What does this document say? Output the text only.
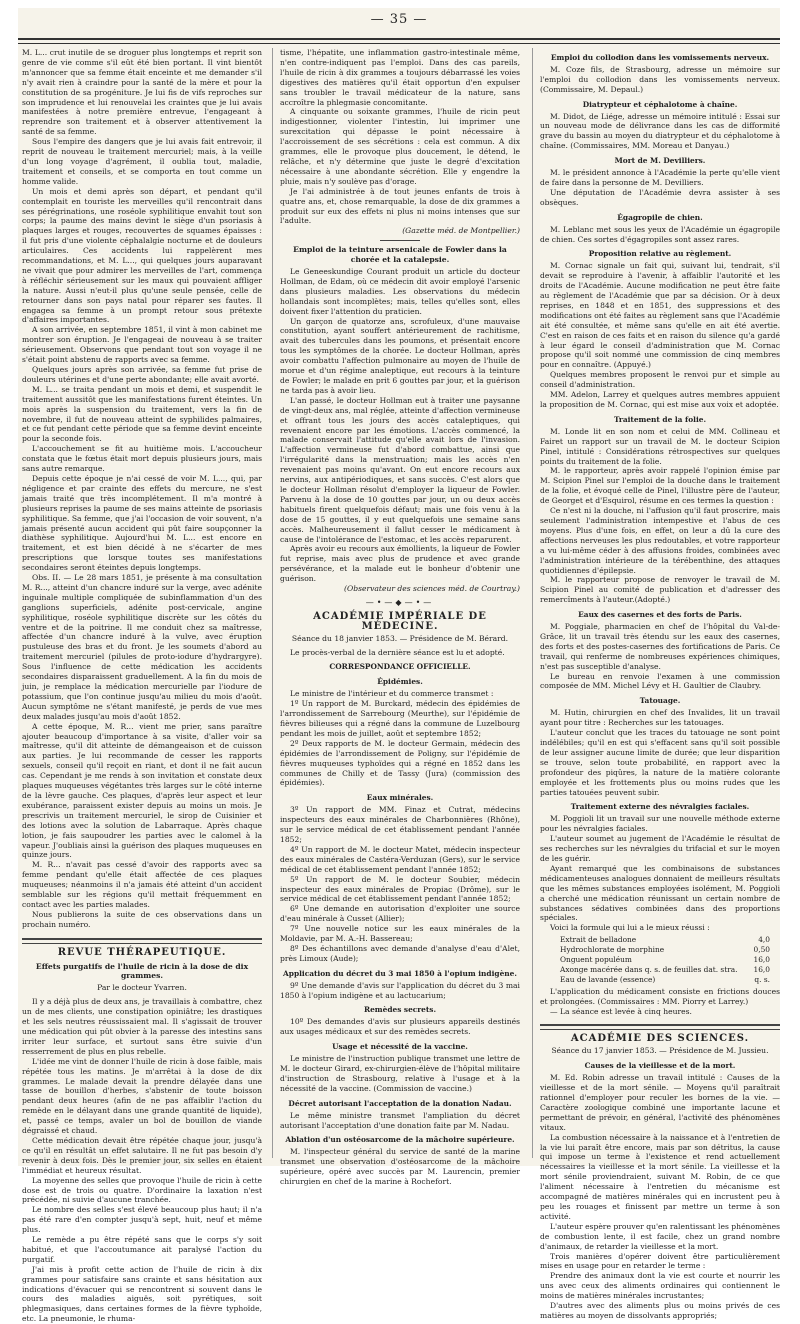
— 35 —

M. L... crut inutile de se droguer plus longtemps et reprit son genre de vie comme s'il eût été bien portant. Il vint bientôt m'annoncer que sa femme était enceinte et me demander s'il n'y avait rien à craindre pour la santé de la mère et pour la constitution de sa progéniture. Je lui fis de vifs reproches sur son imprudence et lui renouvelai les craintes que je lui avais manifestées à notre première entrevue, l'engageant à reprendre son traitement et à observer attentivement la santé de sa femme.

Sous l'empire des dangers que je lui avais fait entrevoir, il reprit de nouveau le traitement mercuriel; mais, à la veille d'un long voyage d'agrément, il oublia tout, maladie, traitement et conseils, et se comporta en tout comme un homme valide.

Un mois et demi après son départ, et pendant qu'il contemplait en touriste les merveilles qu'il rencontrait dans ses pérégrinations, une roséole syphilitique envahit tout son corps; la paume des mains devint le siège d'un psoriasis à plaques larges et rouges, recouvertes de squames épaisses : il fut pris d'une violente céphalalgie nocturne et de douleurs articulaires. Ces accidents lui rappelèrent mes recommandations, et M. L..., qui quelques jours auparavant ne vivait que pour admirer les merveilles de l'art, commença à réfléchir sérieusement sur les maux qui pouvaient affliger la nature. Aussi n'eut-il plus qu'une seule pensée, celle de retourner dans son pays natal pour réparer ses fautes. Il engagea sa femme à un prompt retour sous prétexte d'affaires importantes.

A son arrivée, en septembre 1851, il vint à mon cabinet me montrer son éruption. Je l'engageai de nouveau à se traiter sérieusement. Observons que pendant tout son voyage il ne s'était point abstenu de rapports avec sa femme.

Quelques jours après son arrivée, sa femme fut prise de douleurs utérines et d'une perte abondante; elle avait avorté.

M. L... se traita pendant un mois et demi, et suspendit le traitement aussitôt que les manifestations furent éteintes. Un mois après la suspension du traitement, vers la fin de novembre, il fut de nouveau atteint de syphilides palmaires, et ce fut pendant cette période que sa femme devint enceinte pour la seconde fois.

L'accouchement se fit au huitième mois. L'accoucheur constata que le fœtus était mort depuis plusieurs jours, mais sans autre remarque.

Depuis cette époque je n'ai cessé de voir M. L..., qui, par négligence et par crainte des effets du mercure, ne s'est jamais traité que très incomplétement. Il m'a montré à plusieurs reprises la paume de ses mains atteinte de psoriasis syphilitique. Sa femme, que j'ai l'occasion de voir souvent, n'a jamais présenté aucun accident qui pût faire soupçonner la diathèse syphilitique. Aujourd'hui M. L... est encore en traitement, et est bien décidé à ne s'écarter de mes prescriptions que lorsque toutes ses manifestations secondaires seront éteintes depuis longtemps.

Obs. II. — Le 28 mars 1851, je présente à ma consultation M. R..., atteint d'un chancre induré sur la verge, avec adénite inguinale multiple compliquée de subinflammation d'un des ganglions superficiels, adénite post-cervicale, angine syphilitique, roséole syphilitique discrète sur les côtés du ventre et de la poitrine. Il me conduit chez sa maîtresse, affectée d'un chancre induré à la vulve, avec éruption pustuleuse des bras et du front. Je les soumets d'abord au traitement mercuriel (pilules de proto-iodure d'hydrargyre). Sous l'influence de cette médication les accidents secondaires disparaissent graduellement. A la fin du mois de juin, je remplace la médication mercurielle par l'iodure de potassium, que l'on continue jusqu'au milieu du mois d'août. Aucun symptôme ne s'étant manifesté, je perds de vue mes deux malades jusqu'au mois d'août 1852.

A cette époque, M. R... vient me prier, sans paraître ajouter beaucoup d'importance à sa visite, d'aller voir sa maîtresse, qu'il dit atteinte de démangeaison et de cuisson aux parties. Je lui recommande de cesser les rapports sexuels, conseil qu'il reçoit en riant, et dont il ne fait aucun cas. Cependant je me rends à son invitation et constate deux plaques muqueuses végétantes très larges sur le côté interne de la lèvre gauche. Ces plaques, d'après leur aspect et leur exubérance, paraissent exister depuis au moins un mois. Je prescrivis un traitement mercuriel, le sirop de Cuisinier et des lotions avec la solution de Labarraque. Après chaque lotion, je fais saupoudrer les parties avec le calomel à la vapeur. J'oubliais ainsi la guérison des plaques muqueuses en quinze jours.

M. R... n'avait pas cessé d'avoir des rapports avec sa femme pendant qu'elle était affectée de ces plaques muqueuses; néanmoins il n'a jamais été atteint d'un accident semblable sur les régions qu'il mettait fréquemment en contact avec les parties malades.

Nous publierons la suite de ces observations dans un prochain numéro.

REVUE THÉRAPEUTIQUE.
Effets purgatifs de l'huile de ricin à la dose de dix grammes.
Par le docteur Yvarren.

Il y a déjà plus de deux ans, je travaillais à combattre, chez un de mes clients, une constipation opiniâtre; les drastiques et les sels neutres réussissaient mal. Il s'agissait de trouver une médication qui pût obvier à la paresse des intestins sans irriter leur surface, et surtout sans être suivie d'un resserrement de plus en plus rebelle.

L'idée me vint de donner l'huile de ricin à dose faible, mais répétée tous les matins. Je m'arrêtai à la dose de dix grammes. Le malade devait la prendre délayée dans une tasse de bouillon d'herbes, s'abstenir de toute boisson pendant deux heures (afin de ne pas affaiblir l'action du remède en le délayant dans une grande quantité de liquide), et, passé ce temps, avaler un bol de bouillon de viande dégraissé et chaud.

Cette médication devait être répétée chaque jour, jusqu'à ce qu'il en résultât un effet salutaire. Il ne fut pas besoin d'y revenir à deux fois. Dès le premier jour, six selles en étaient l'immédiat et heureux résultat.

La moyenne des selles que provoque l'huile de ricin à cette dose est de trois ou quatre. D'ordinaire la laxation n'est précédée, ni suivie d'aucune tranchée.

Le nombre des selles s'est élevé beaucoup plus haut; il n'a pas été rare d'en compter jusqu'à sept, huit, neuf et même plus.

Le remède a pu être répété sans que le corps s'y soit habitué, et que l'accoutumance ait paralysé l'action du purgatif.

J'ai mis à profit cette action de l'huile de ricin à dix grammes pour satisfaire sans crainte et sans hésitation aux indications d'évacuer qui se rencontrent si souvent dans le cours des maladies aiguës, soit pyrétiques, soit phlegmasiques, dans certaines formes de la fièvre typhoïde, etc. La pneumonie, le rhuma-

tisme, l'hépatite, une inflammation gastro-intestinale même, n'en contre-indiquent pas l'emploi. Dans des cas pareils, l'huile de ricin à dix grammes a toujours débarrassé les voies digestives des matières qu'il était opportun d'en expulser sans troubler le travail médicateur de la nature, sans accroître la phlegmasie concomitante.

A cinquante ou soixante grammes, l'huile de ricin peut indigestionner, violenter l'intestin, lui imprimer une surexcitation qui dépasse le point nécessaire à l'accroissement de ses sécrétions : cela est commun. A dix grammes, elle le provoque plus doucement, le détend, le relâche, et n'y détermine que juste le degré d'excitation nécessaire à une abondante sécrétion. Elle y engendre la pluie, mais n'y soulève pas d'orage.

Je l'ai administrée à de tout jeunes enfants de trois à quatre ans, et, chose remarquable, la dose de dix grammes a produit sur eux des effets ni plus ni moins intenses que sur l'adulte.

(Gazette méd. de Montpellier.)
Emploi de la teinture arsenicale de Fowler dans la chorée et la catalepsie.

Le Geneeskundige Courant produit un article du docteur Hollman, de Edam, où ce médecin dit avoir employé l'arsenic dans plusieurs maladies. Les observations du médecin hollandais sont incomplètes; mais, telles qu'elles sont, elles doivent fixer l'attention du praticien.

Un garçon de quatorze ans, scrofuleux, d'une mauvaise constitution, ayant souffert antérieurement de rachitisme, avait des tubercules dans les poumons, et présentait encore tous les symptômes de la chorée. Le docteur Hollman, après avoir combattu l'affection pulmonaire au moyen de l'huile de morue et d'un régime analeptique, eut recours à la teinture de Fowler; le malade en prit 6 gouttes par jour, et la guérison ne tarda pas à avoir lieu.

L'an passé, le docteur Hollman eut à traiter une paysanne de vingt-deux ans, mal réglée, atteinte d'affection vermineuse et offrant tous les jours des accès cataleptiques, qui revenaient encore par les émotions. L'accès commencé, la malade conservait l'attitude qu'elle avait lors de l'invasion. L'affection vermineuse fut d'abord combattue, ainsi que l'irrégularité dans la menstruation; mais les accès n'en revenaient pas moins qu'avant. On eut encore recours aux nervins, aux antipériodiques, et sans succès. C'est alors que le docteur Hollman résolut d'employer la liqueur de Fowler. Parvenu à la dose de 10 gouttes par jour, un ou deux accès habituels firent quelquefois défaut; mais une fois venu à la dose de 15 gouttes, il y eut quelquefois une semaine sans accès. Malheureusement il fallut cesser le médicament à cause de l'intolérance de l'estomac, et les accès reparurent.

Après avoir eu recours aux émollients, la liqueur de Fowler fut reprise, mais avec plus de prudence et avec grande persévérance, et la malade eut le bonheur d'obtenir une guérison.

(Observateur des sciences méd. de Courtray.)
—•—◆—•—
ACADÉMIE IMPÉRIALE DE MÉDECINE.
Séance du 18 janvier 1853. — Présidence de M. Bérard.

Le procès-verbal de la dernière séance est lu et adopté.

CORRESPONDANCE OFFICIELLE.
Épidémies.

Le ministre de l'intérieur et du commerce transmet :

1º Un rapport de M. Burckard, médecin des épidémies de l'arrondissement de Sarrebourg (Meurthe), sur l'épidémie de fièvres bilieuses qui a régné dans la commune de Luzelbourg pendant les mois de juillet, août et septembre 1852;

2º Deux rapports de M. le docteur Germain, médecin des épidémies de l'arrondissement de Poligny, sur l'épidémie de fièvres muqueuses typhoïdes qui a régné en 1852 dans les communes de Chilly et de Tassy (Jura) (commission des épidémies).

Eaux minérales.

3º Un rapport de MM. Finaz et Cutrat, médecins inspecteurs des eaux minérales de Charbonnières (Rhône), sur le service médical de cet établissement pendant l'année 1852;

4º Un rapport de M. le docteur Matet, médecin inspecteur des eaux minérales de Castéra-Verduzan (Gers), sur le service médical de cet établissement pendant l'année 1852;

5º Un rapport de M. le docteur Soubier, médecin inspecteur des eaux minérales de Propiac (Drôme), sur le service médical de cet établissement pendant l'année 1852;

6º Une demande en autorisation d'exploiter une source d'eau minérale à Cusset (Allier);

7º Une nouvelle notice sur les eaux minérales de la Moldavie, par M. A.-H. Bassereau;

8º Des échantillons avec demande d'analyse d'eau d'Alet, près Limoux (Aude);

Application du décret du 3 mai 1850 à l'opium indigène.

9º Une demande d'avis sur l'application du décret du 3 mai 1850 à l'opium indigène et au lactucarium;

Remèdes secrets.

10º Des demandes d'avis sur plusieurs appareils destinés aux usages médicaux et sur des remèdes secrets.

Usage et nécessité de la vaccine.

Le ministre de l'instruction publique transmet une lettre de M. le docteur Girard, ex-chirurgien-élève de l'hôpital militaire d'instruction de Strasbourg, relative à l'usage et à la nécessité de la vaccine. (Commission de vaccine.)

Décret autorisant l'acceptation de la donation Nadau.

Le même ministre transmet l'ampliation du décret autorisant l'acceptation d'une donation faite par M. Nadau.

Ablation d'un ostéosarcome de la mâchoire supérieure.

M. l'inspecteur général du service de santé de la marine transmet une observation d'ostéosarcome de la mâchoire supérieure, opéré avec succès par M. Laurencin, premier chirurgien en chef de la marine à Rochefort.

Emploi du collodion dans les vomissements nerveux.

M. Coze fils, de Strasbourg, adresse un mémoire sur l'emploi du collodion dans les vomissements nerveux. (Commissaire, M. Depaul.)

Diatrypteur et céphalotome à chaîne.

M. Didot, de Liége, adresse un mémoire intitulé : Essai sur un nouveau mode de délivrance dans les cas de difformité grave du bassin au moyen du diatrypteur et du céphalotome à chaîne. (Commissaires, MM. Moreau et Danyau.)

Mort de M. Devilliers.

M. le président annonce à l'Académie la perte qu'elle vient de faire dans la personne de M. Devilliers.

Une députation de l'Académie devra assister à ses obsèques.

Égagropile de chien.

M. Leblanc met sous les yeux de l'Académie un égagropile de chien. Ces sortes d'égagropiles sont assez rares.

Proposition relative au règlement.

M. Cornac signale un fait qui, suivant lui, tendrait, s'il devait se reproduire à l'avenir, à affaiblir l'autorité et les droits de l'Académie. Aucune modification ne peut être faite au règlement de l'Académie que par sa décision. Or à deux reprises, en 1848 et en 1851, des suppressions et des modifications ont été faites au règlement sans que l'Académie ait été consultée, et même sans qu'elle en ait été avertie. C'est en raison de ces faits et en raison du silence qu'a gardé à leur égard le conseil d'administration que M. Cornac propose qu'il soit nommé une commission de cinq membres pour en connaître. (Appuyé.)

Quelques membres proposent le renvoi pur et simple au conseil d'administration.

MM. Adelon, Larrey et quelques autres membres appuient la proposition de M. Cornac, qui est mise aux voix et adoptée.

Traitement de la folie.

M. Londe lit en son nom et celui de MM. Collineau et Fairet un rapport sur un travail de M. le docteur Scipion Pinel, intitulé : Considérations rétrospectives sur quelques points du traitement de la folie.

M. le rapporteur, après avoir rappelé l'opinion émise par M. Scipion Pinel sur l'emploi de la douche dans le traitement de la folie, et évoqué celle de Pinel, l'illustre père de l'auteur, de Georget et d'Esquirol, résume en ces termes la question :

Ce n'est ni la douche, ni l'affusion qu'il faut proscrire, mais seulement l'administration intempestive et l'abus de ces moyens. Plus d'une fois, en effet, on leur a dû la cure des affections nerveuses les plus redoutables, et votre rapporteur a vu lui-même céder à des affusions froides, combinées avec l'administration intérieure de la térébenthine, des attaques quotidiennes d'épilepsie.

M. le rapporteur propose de renvoyer le travail de M. Scipion Pinel au comité de publication et d'adresser des remercîments à l'auteur.(Adopté.)

Eaux des casernes et des forts de Paris.

M. Poggiale, pharmacien en chef de l'hôpital du Val-de-Grâce, lit un travail très étendu sur les eaux des casernes, des forts et des postes-casernes des fortifications de Paris. Ce travail, qui renferme de nombreuses expériences chimiques, n'est pas susceptible d'analyse.

Le bureau en renvoie l'examen à une commission composée de MM. Michel Lévy et H. Gaultier de Claubry.

Tatouage.

M. Hutin, chirurgien en chef des Invalides, lit un travail ayant pour titre : Recherches sur les tatouages.

L'auteur conclut que les traces du tatouage ne sont point indélébiles; qu'il en est qui s'effacent sans qu'il soit possible de leur assigner aucune limite de durée; que leur disparition se trouve, selon toute probabilité, en rapport avec la profondeur des piqûres, la nature de la matière colorante employée et les frottements plus ou moins rudes que les parties tatouées peuvent subir.

Traitement externe des névralgies faciales.

M. Poggioli lit un travail sur une nouvelle méthode externe pour les névralgies faciales.

L'auteur soumet au jugement de l'Académie le résultat de ses recherches sur les névralgies du trifacial et sur le moyen de les guérir.

Ayant remarqué que les combinaisons de substances médicamenteuses analogues donnaient de meilleurs résultats que les mêmes substances employées isolément, M. Poggioli a cherché une médication réunissant un certain nombre de substances sédatives combinées dans des proportions spéciales.

Voici la formule qui lui a le mieux réussi :

Extrait de belladone	4,0
Hydrochlorate de morphine	0,50
Onguent populéum	16,0
Axonge macérée dans q. s. de feuilles dat. stra.	16,0
Eau de lavande (essence)	q. s.

L'application du médicament consiste en frictions douces et prolongées. (Commissaires : MM. Piorry et Larrey.)

— La séance est levée à cinq heures.

ACADÉMIE DES SCIENCES.
Séance du 17 janvier 1853. — Présidence de M. Jussieu.
Causes de la vieillesse et de la mort.

M. Ed. Robin adresse un travail intitulé : Causes de la vieillesse et de la mort sénile. — Moyens qu'il paraîtrait rationnel d'employer pour reculer les bornes de la vie. — Caractère zoologique combiné une importante lacune et permettant de prévoir, en général, l'activité des phénomènes vitaux.

La combustion nécessaire à la naissance et à l'entretien de la vie lui paraît être encore, mais par son détritus, la cause qui impose un terme à l'existence et rend actuellement nécessaires la vieillesse et la mort sénile. La vieillesse et la mort sénile proviendraient, suivant M. Robin, de ce que l'aliment nécessaire à l'entretien du mécanisme est accompagné de matières minérales qui en incrustent peu à peu les rouages et finissent par mettre un terme à son activité.

L'auteur espère prouver qu'en ralentissant les phénomènes de combustion lente, il est facile, chez un grand nombre d'animaux, de retarder la vieillesse et la mort.

Trois manières d'opérer doivent être particulièrement mises en usage pour en retarder le terme :

Prendre des animaux dont la vie est courte et nourrir les uns avec ceux des aliments ordinaires qui contiennent le moins de matières minérales incrustantes;

D'autres avec des aliments plus ou moins privés de ces matières au moyen de dissolvants appropriés;
